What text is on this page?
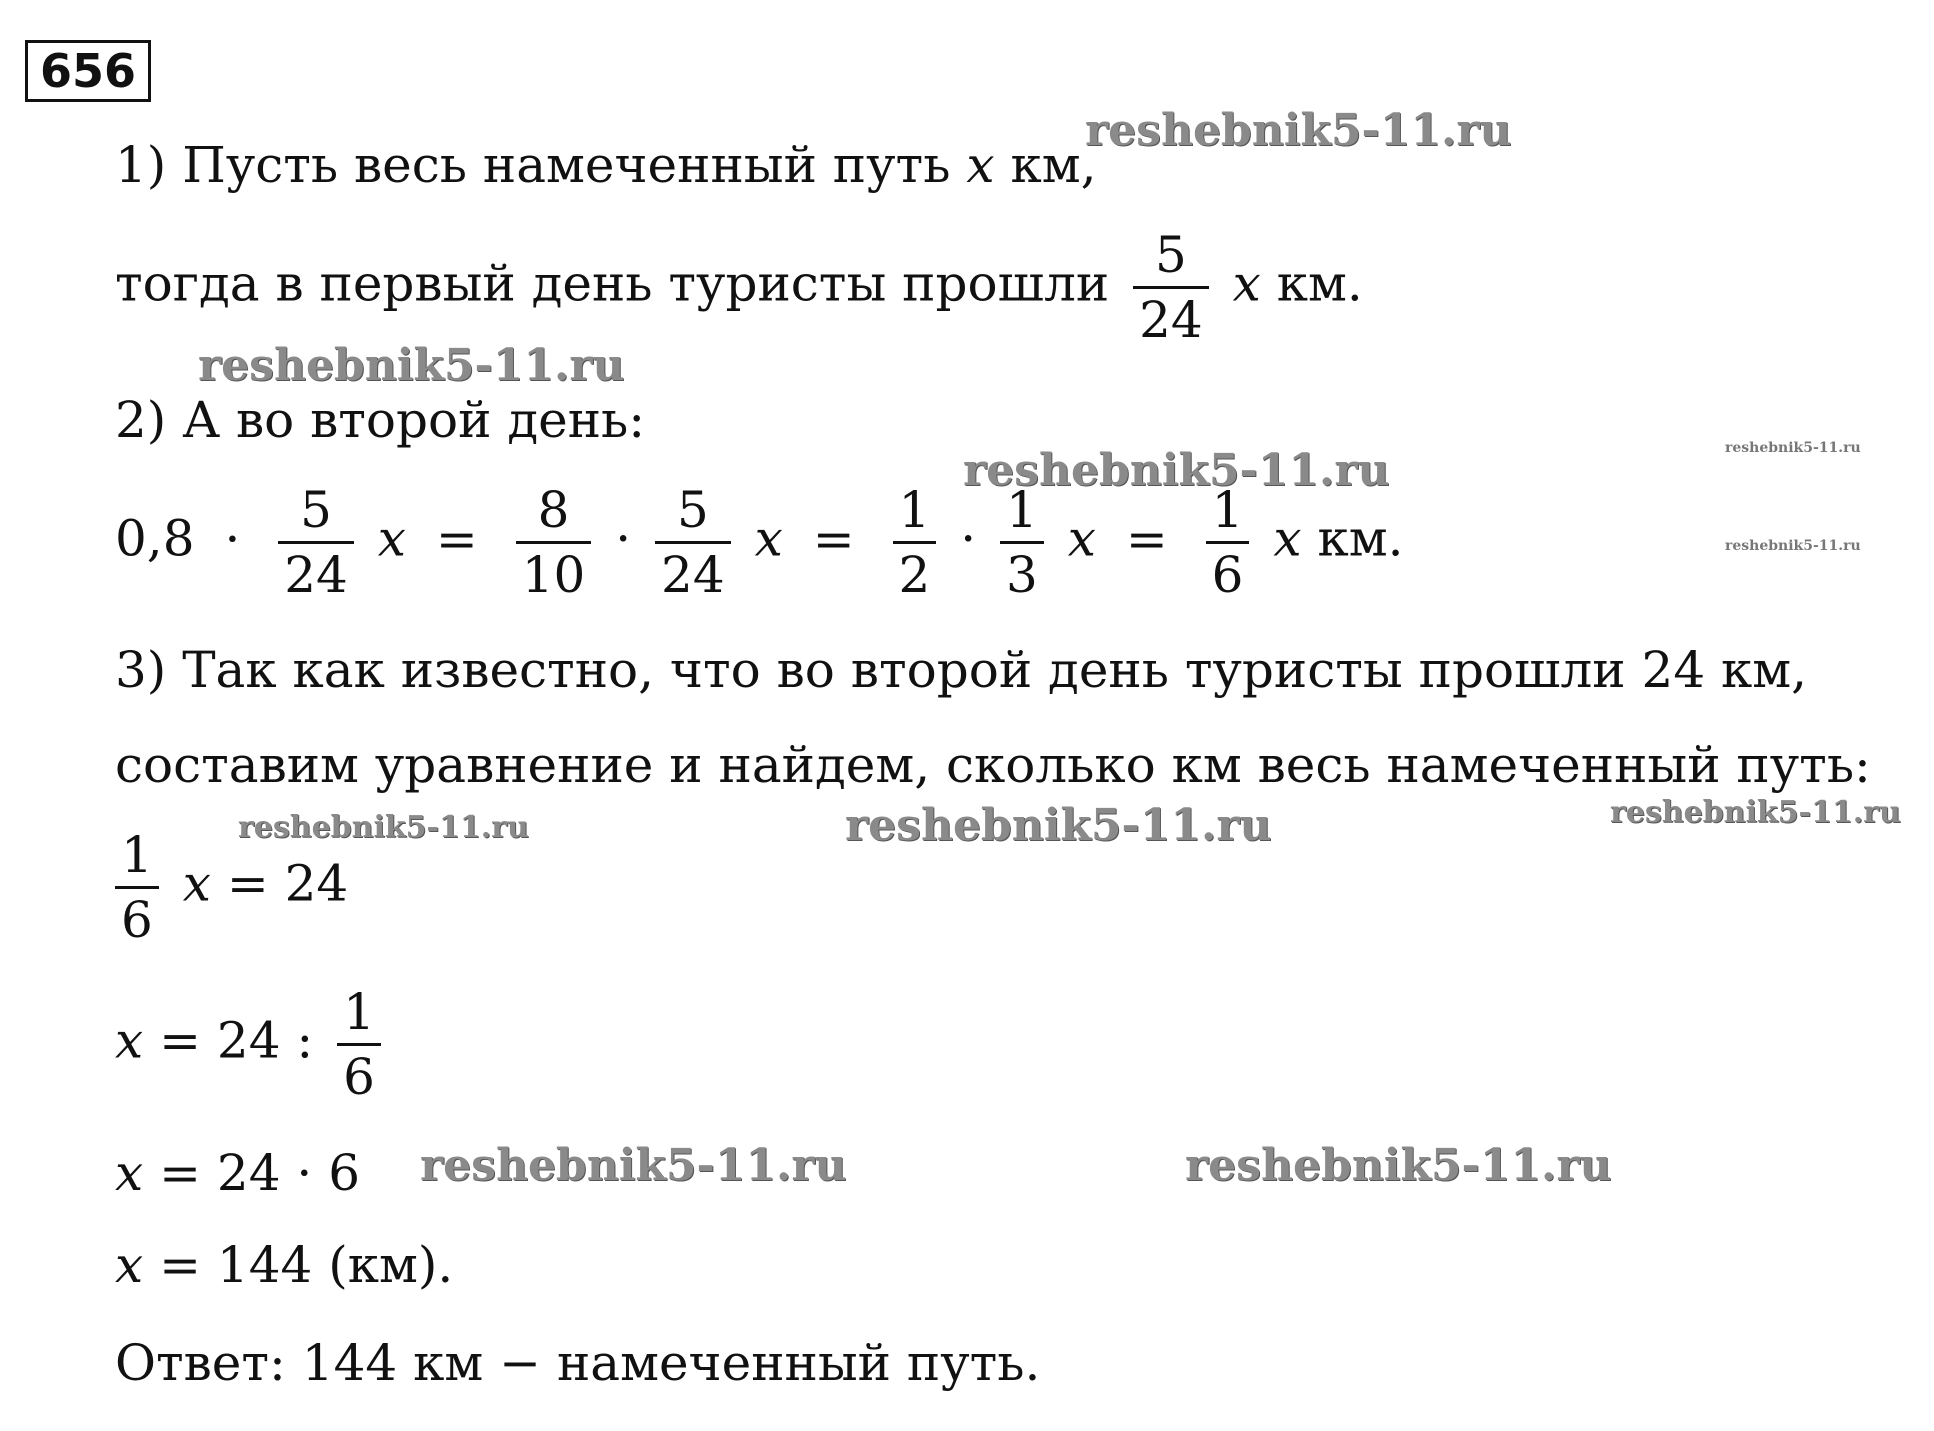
656
1) Пусть весь намеченный путь x км,
тогда в первый день туристы прошли $\frac{5}{24}$ x км.
2) А во второй день:
$0,8 \cdot \frac{5}{24}$ $x = \frac{8}{10} \cdot \frac{5}{24}$ $x = \frac{1}{2} \cdot \frac{1}{3}$ $x = \frac{1}{6}$ x км.
3) Так как известно, что во второй день туристы прошли 24 км,
составим уравнение и найдем, сколько км весь намеченный путь:
$\frac{1}{6}$ x = 24
x = 24 : $\frac{1}{6}$
x = 24 · 6
x = 144 (км).
Ответ: 144 км − намеченный путь.
reshebnik5-11.ru
reshebnik5-11.ru
reshebnik5-11.ru	reshebnik5-11.ru
reshebnik5-11.ru
reshebnik5-11.ru	reshebnik5-11.ru	reshebnik5-11.ru
reshebnik5-11.ru	reshebnik5-11.ru
